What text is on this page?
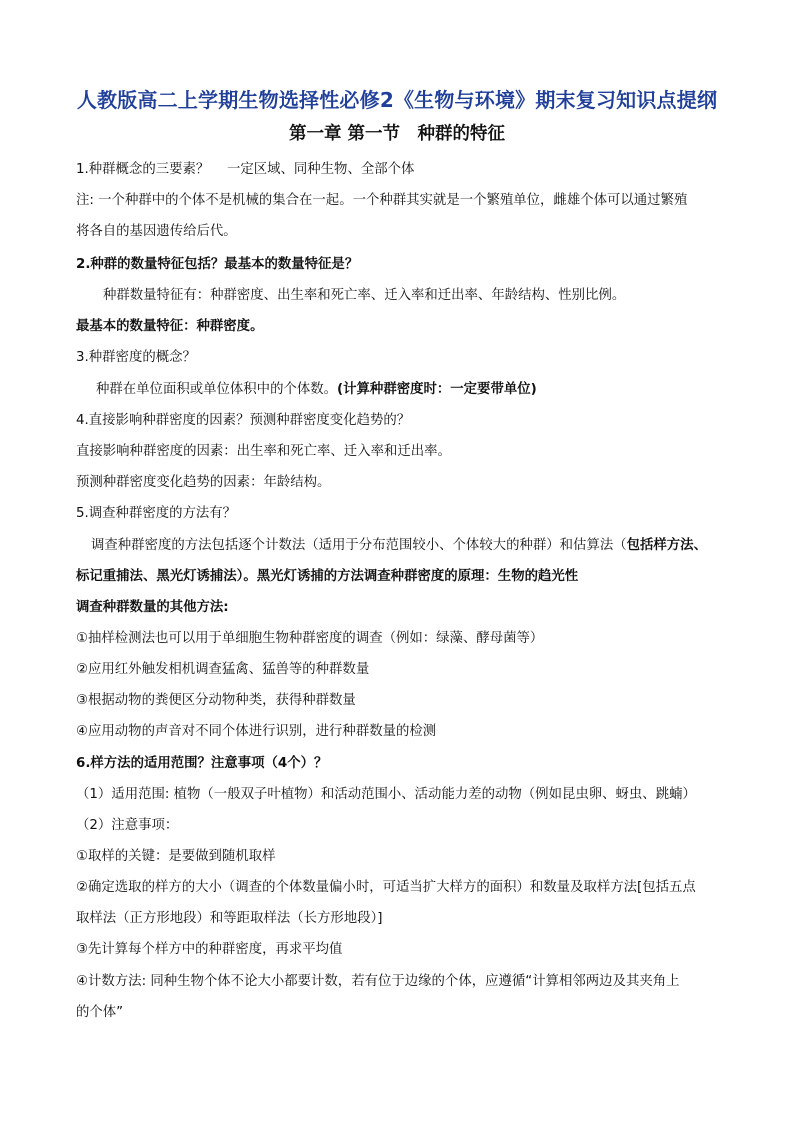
人教版高二上学期生物选择性必修2《生物与环境》期末复习知识点提纲
第一章 第一节　种群的特征
1.种群概念的三要素？　 一定区域、同种生物、全部个体
注: 一个种群中的个体不是机械的集合在一起。一个种群其实就是一个繁殖单位，雌雄个体可以通过繁殖
将各自的基因遗传给后代。
2.种群的数量特征包括？最基本的数量特征是？
种群数量特征有：种群密度、出生率和死亡率、迁入率和迁出率、年龄结构、性别比例。
最基本的数量特征：种群密度。
3.种群密度的概念？
种群在单位面积或单位体积中的个体数。(计算种群密度时：一定要带单位)
4.直接影响种群密度的因素？预测种群密度变化趋势的？
直接影响种群密度的因素：出生率和死亡率、迁入率和迁出率。
预测种群密度变化趋势的因素：年龄结构。
5.调查种群密度的方法有？
调查种群密度的方法包括逐个计数法（适用于分布范围较小、个体较大的种群）和估算法（包括样方法、
标记重捕法、黑光灯诱捕法）。黑光灯诱捕的方法调查种群密度的原理：生物的趋光性
调查种群数量的其他方法:
①抽样检测法也可以用于单细胞生物种群密度的调查（例如：绿藻、酵母菌等）
②应用红外触发相机调查猛禽、猛兽等的种群数量
③根据动物的粪便区分动物种类，获得种群数量
④应用动物的声音对不同个体进行识别，进行种群数量的检测
6.样方法的适用范围？注意事项（4个）？
（1）适用范围: 植物（一般双子叶植物）和活动范围小、活动能力差的动物（例如昆虫卵、蚜虫、跳蝻）
（2）注意事项：
①取样的关键：是要做到随机取样
②确定选取的样方的大小（调查的个体数量偏小时，可适当扩大样方的面积）和数量及取样方法[包括五点
取样法（正方形地段）和等距取样法（长方形地段）]
③先计算每个样方中的种群密度，再求平均值
④计数方法: 同种生物个体不论大小都要计数，若有位于边缘的个体，应遵循“计算相邻两边及其夹角上
的个体”
